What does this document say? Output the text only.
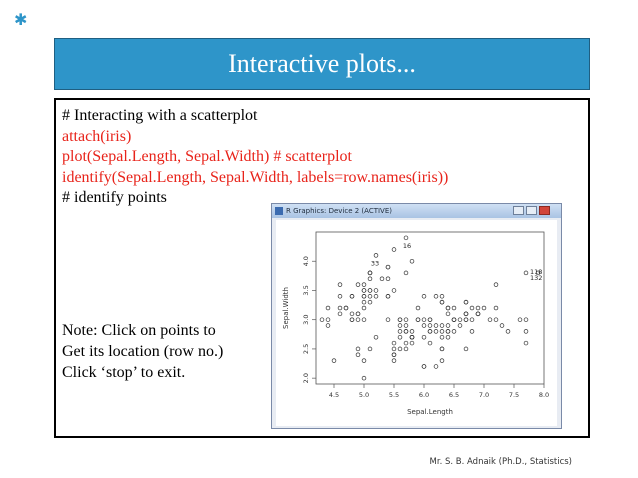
✱
Interactive plots...
# Interacting with a scatterplot
attach(iris)
plot(Sepal.Length, Sepal.Width) # scatterplot
identify(Sepal.Length, Sepal.Width, labels=row.names(iris))
# identify points
Note: Click on points to
Get its location (row no.)
Click ‘stop’ to exit.
R Graphics: Device 2 (ACTIVE)
4.5	5.0	5.5	6.0	6.5	7.0	7.5	8.0
2.0
2.5
3.0
3.5
4.0
Sepal.Length
Sepal.Width
16
33
118
132
Mr. S. B. Adnaik (Ph.D., Statistics)
